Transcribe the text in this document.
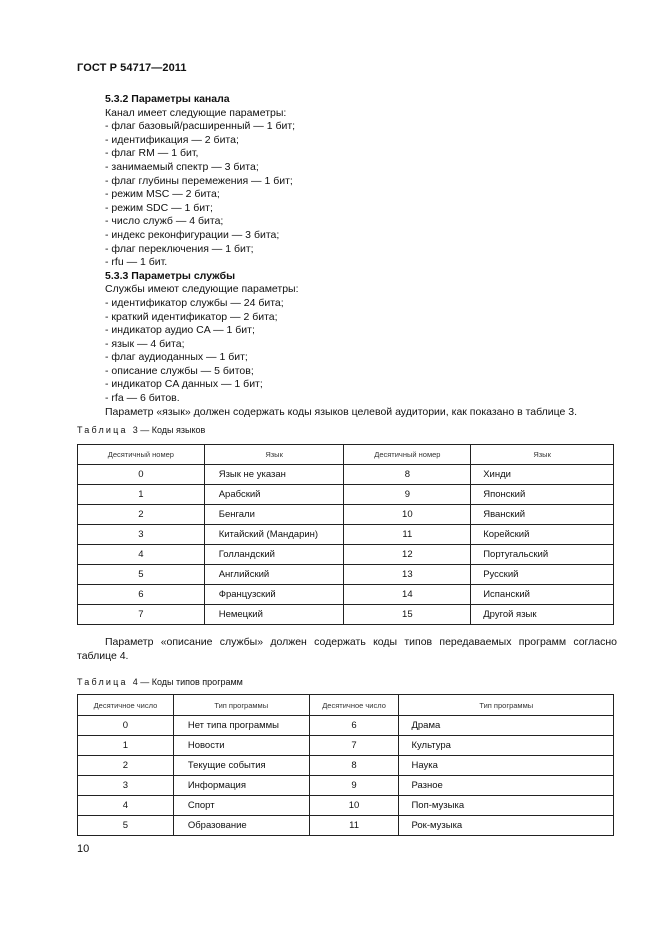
ГОСТ Р 54717—2011
5.3.2 Параметры канала
Канал имеет следующие параметры:
- флаг базовый/расширенный — 1 бит;
- идентификация — 2 бита;
- флаг RM — 1 бит,
- занимаемый спектр — 3 бита;
- флаг глубины перемежения — 1 бит;
- режим MSC — 2 бита;
- режим SDC — 1 бит;
- число служб — 4 бита;
- индекс реконфигурации — 3 бита;
- флаг переключения — 1 бит;
- rfu — 1 бит.
5.3.3 Параметры службы
Службы имеют следующие параметры:
- идентификатор службы — 24 бита;
- краткий идентификатор — 2 бита;
- индикатор аудио CA — 1 бит;
- язык — 4 бита;
- флаг аудиоданных — 1 бит;
- описание службы — 5 битов;
- индикатор CA данных — 1 бит;
- rfa — 6 битов.
Параметр «язык» должен содержать коды языков целевой аудитории, как показано в таблице 3.
Таблица 3 — Коды языков
Десятичный номер	Язык	Десятичный номер	Язык
0	Язык не указан	8	Хинди
1	Арабский	9	Японский
2	Бенгали	10	Яванский
3	Китайский (Мандарин)	11	Корейский
4	Голландский	12	Португальский
5	Английский	13	Русский
6	Французский	14	Испанский
7	Немецкий	15	Другой язык
Параметр «описание службы» должен содержать коды типов передаваемых программ согласно таблице 4.
Таблица 4 — Коды типов программ
Десятичное число	Тип программы	Десятичное число	Тип программы
0	Нет типа программы	6	Драма
1	Новости	7	Культура
2	Текущие события	8	Наука
3	Информация	9	Разное
4	Спорт	10	Поп-музыка
5	Образование	11	Рок-музыка
10
